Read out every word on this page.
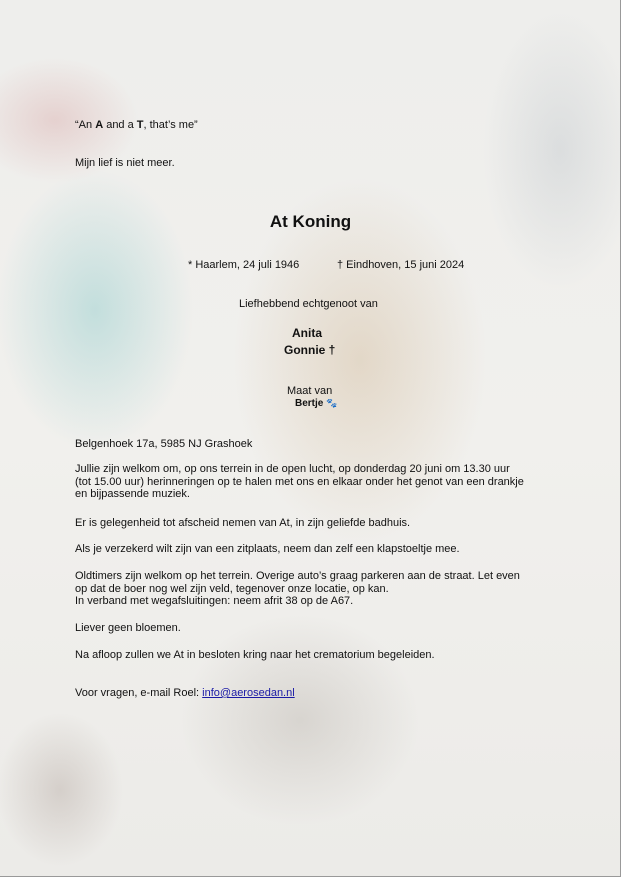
“An A and a T, that’s me”
Mijn lief is niet meer.
At Koning
* Haarlem, 24 juli 1946	† Eindhoven, 15 juni 2024
Liefhebbend echtgenoot van
Anita
Gonnie †
Maat van
Bertje 🐾
Belgenhoek 17a, 5985 NJ Grashoek
Jullie zijn welkom om, op ons terrein in de open lucht, op donderdag 20 juni om 13.30 uur
(tot 15.00 uur) herinneringen op te halen met ons en elkaar onder het genot van een drankje
en bijpassende muziek.
Er is gelegenheid tot afscheid nemen van At, in zijn geliefde badhuis.
Als je verzekerd wilt zijn van een zitplaats, neem dan zelf een klapstoeltje mee.
Oldtimers zijn welkom op het terrein. Overige auto’s graag parkeren aan de straat. Let even
op dat de boer nog wel zijn veld, tegenover onze locatie, op kan.
In verband met wegafsluitingen: neem afrit 38 op de A67.
Liever geen bloemen.
Na afloop zullen we At in besloten kring naar het crematorium begeleiden.
Voor vragen, e-mail Roel: info@aerosedan.nl
